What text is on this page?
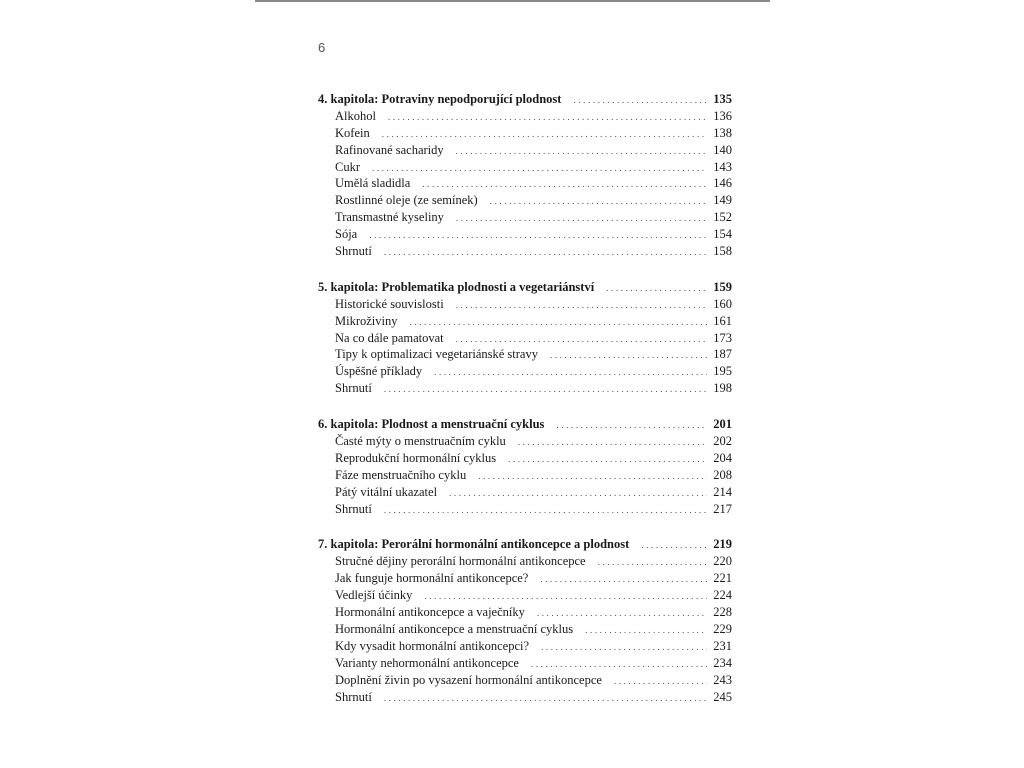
6
4. kapitola: Potraviny nepodporující plodnost .....	135
Alkohol .....	136
Kofein .....	138
Rafinované sacharidy .....	140
Cukr .....	143
Umělá sladidla .....	146
Rostlinné oleje (ze semínek) .....	149
Transmastné kyseliny .....	152
Sója .....	154
Shrnutí .....	158
5. kapitola: Problematika plodnosti a vegetariánství .....	159
Historické souvislosti .....	160
Mikroživiny .....	161
Na co dále pamatovat .....	173
Tipy k optimalizaci vegetariánské stravy .....	187
Úspěšné příklady .....	195
Shrnutí .....	198
6. kapitola: Plodnost a menstruační cyklus .....	201
Časté mýty o menstruačním cyklu .....	202
Reprodukční hormonální cyklus .....	204
Fáze menstruačního cyklu .....	208
Pátý vitální ukazatel .....	214
Shrnutí .....	217
7. kapitola: Perorální hormonální antikoncepce a plodnost .....	219
Stručné dějiny perorální hormonální antikoncepce .....	220
Jak funguje hormonální antikoncepce? .....	221
Vedlejší účinky .....	224
Hormonální antikoncepce a vaječníky .....	228
Hormonální antikoncepce a menstruační cyklus .....	229
Kdy vysadit hormonální antikoncepci? .....	231
Varianty nehormonální antikoncepce .....	234
Doplnění živin po vysazení hormonální antikoncepce .....	243
Shrnutí .....	245
